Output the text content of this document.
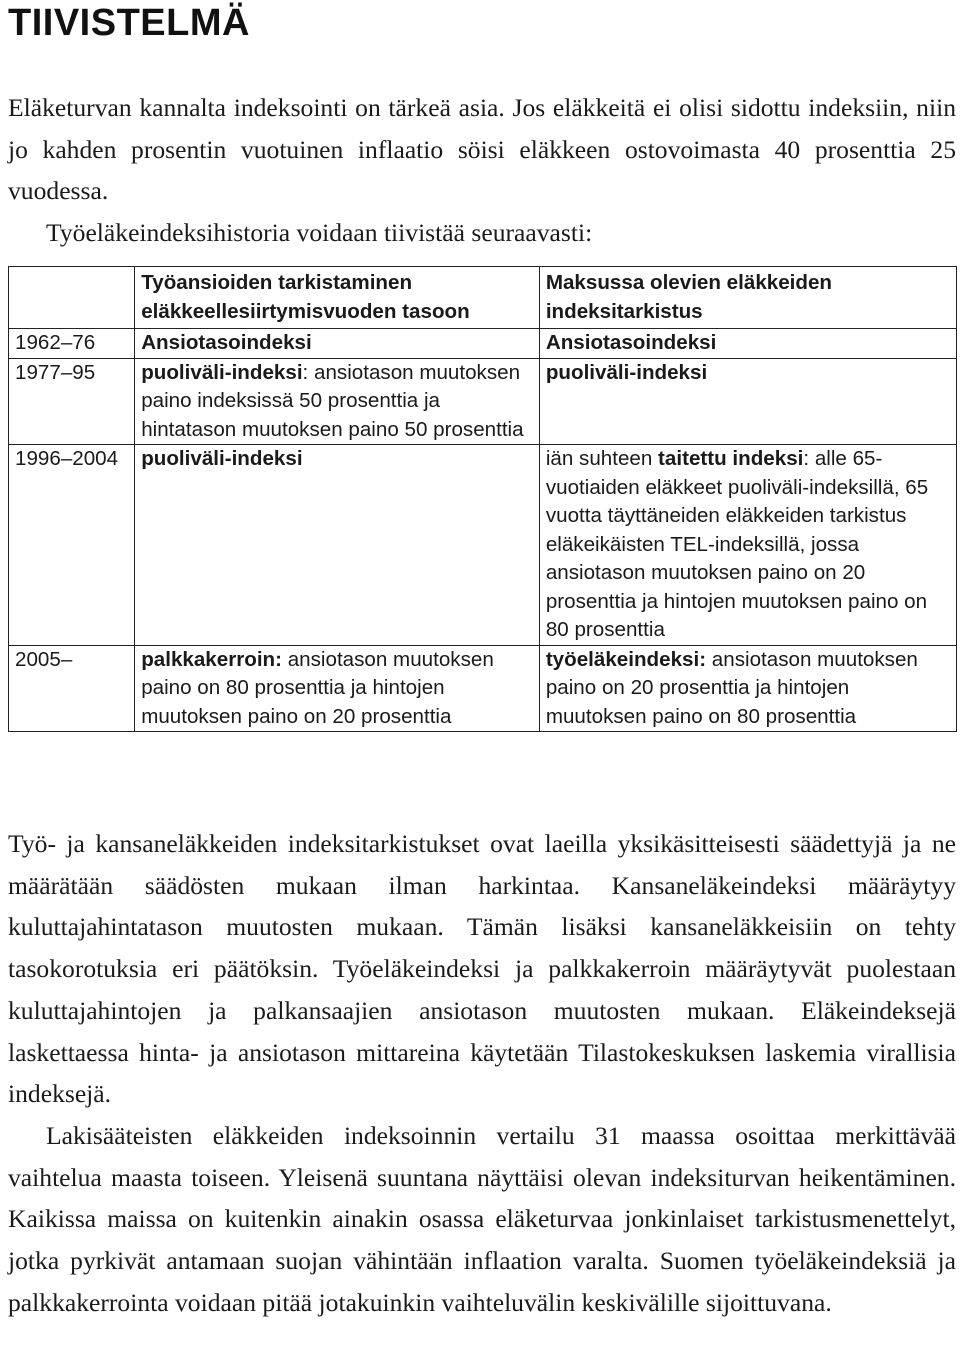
TIIVISTELMÄ

Eläketurvan kannalta indeksointi on tärkeä asia. Jos eläkkeitä ei olisi sidottu indeksiin, niin jo kahden prosentin vuotuinen inflaatio söisi eläkkeen ostovoimasta 40 prosenttia 25 vuodessa.

Työeläkeindeksihistoria voidaan tiivistää seuraavasti:
	Työansioiden tarkistaminen eläkkeellesiirtymisvuoden tasoon	Maksussa olevien eläkkeiden indeksitarkistus
1962–76	Ansiotasoindeksi	Ansiotasoindeksi
1977–95	puoliväli-indeksi: ansiotason muutoksen paino indeksissä 50 prosenttia ja hintatason muutoksen paino 50 prosenttia	puoliväli-indeksi
1996–2004	puoliväli-indeksi	iän suhteen taitettu indeksi: alle 65-vuotiaiden eläkkeet puoliväli-indeksillä, 65 vuotta täyttäneiden eläkkeiden tarkistus eläkeikäisten TEL-indeksillä, jossa ansiotason muutoksen paino on 20 prosenttia ja hintojen muutoksen paino on 80 prosenttia
2005–	palkkakerroin: ansiotason muutoksen paino on 80 prosenttia ja hintojen muutoksen paino on 20 prosenttia	työeläkeindeksi: ansiotason muutoksen paino on 20 prosenttia ja hintojen muutoksen paino on 80 prosenttia

Työ- ja kansaneläkkeiden indeksitarkistukset ovat laeilla yksikäsitteisesti säädettyjä ja ne määrätään säädösten mukaan ilman harkintaa. Kansaneläkeindeksi määräytyy kuluttajahintatason muutosten mukaan. Tämän lisäksi kansaneläkkeisiin on tehty tasokorotuksia eri päätöksin. Työeläkeindeksi ja palkkakerroin määräytyvät puolestaan kuluttajahintojen ja palkansaajien ansiotason muutosten mukaan. Eläkeindeksejä laskettaessa hinta- ja ansiotason mittareina käytetään Tilastokeskuksen laskemia virallisia indeksejä.

Lakisääteisten eläkkeiden indeksoinnin vertailu 31 maassa osoittaa merkittävää vaihtelua maasta toiseen. Yleisenä suuntana näyttäisi olevan indeksiturvan heikentäminen. Kaikissa maissa on kuitenkin ainakin osassa eläketurvaa jonkinlaiset tarkistusmenettelyt, jotka pyrkivät antamaan suojan vähintään inflaation varalta. Suomen työeläkeindeksiä ja palkkakerrointa voidaan pitää jotakuinkin vaihteluvälin keskivälille sijoittuvana.
